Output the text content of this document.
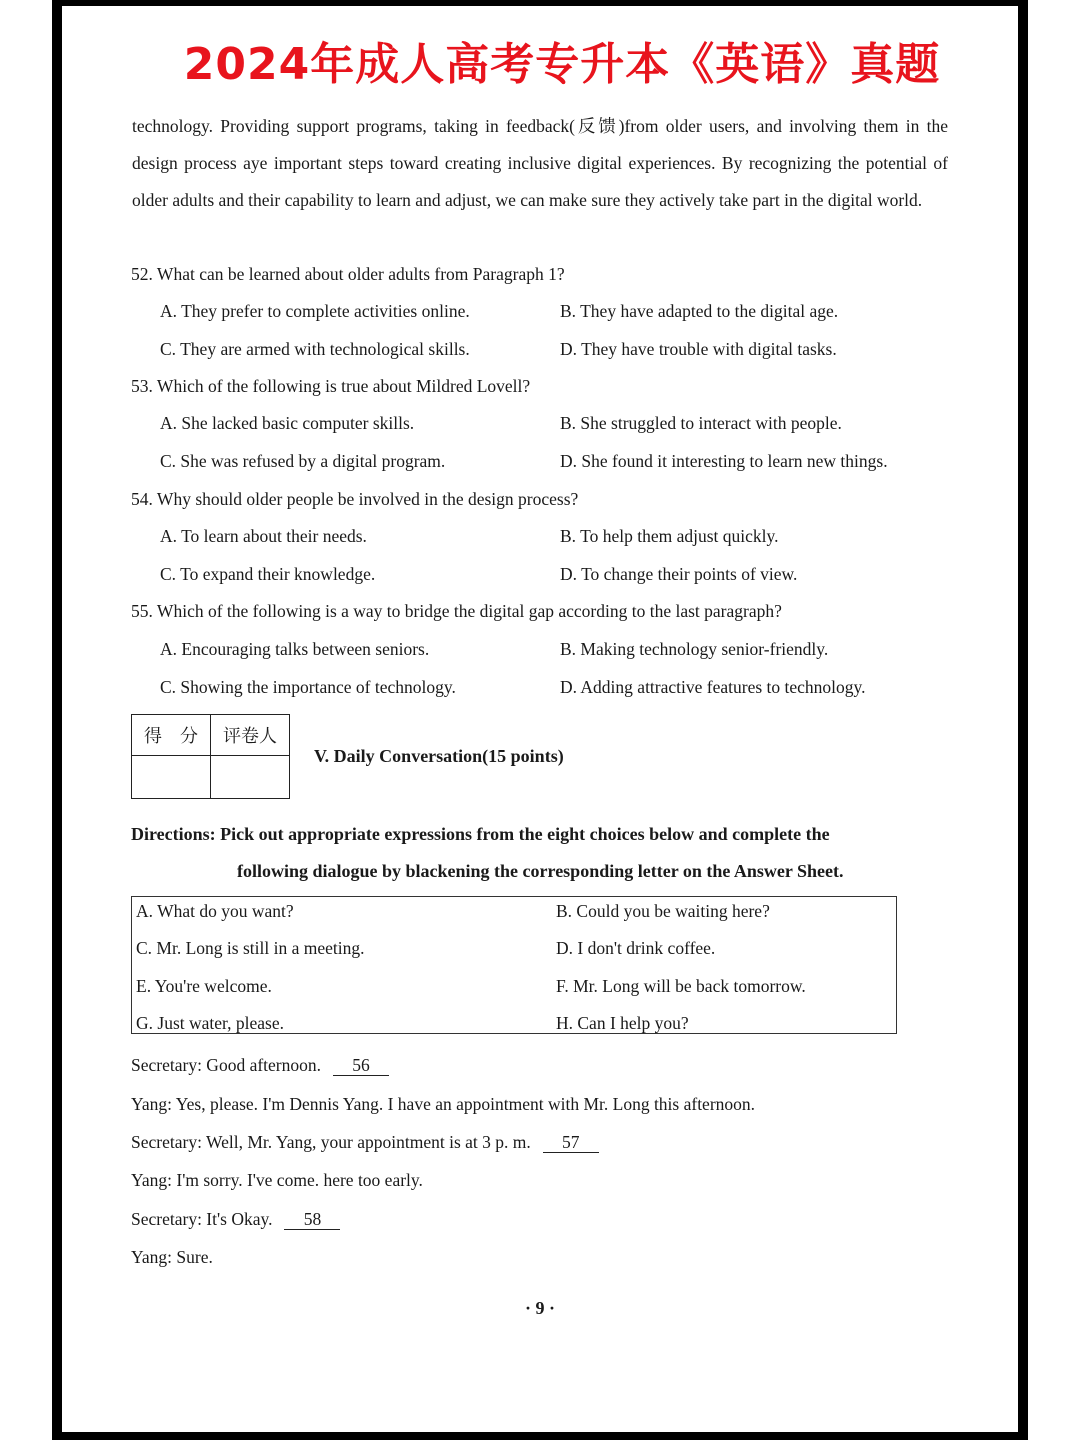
2024年成人高考专升本《英语》真题
technology. Providing support programs, taking in feedback(反馈)from older users, and involving them in the design process aye important steps toward creating inclusive digital experiences. By recognizing the potential of older adults and their capability to learn and adjust, we can make sure they actively take part in the digital world.
52. What can be learned about older adults from Paragraph 1?
A. They prefer to complete activities online.	B. They have adapted to the digital age.
C. They are armed with technological skills.	D. They have trouble with digital tasks.
53. Which of the following is true about Mildred Lovell?
A. She lacked basic computer skills.	B. She struggled to interact with people.
C. She was refused by a digital program.	D. She found it interesting to learn new things.
54. Why should older people be involved in the design process?
A. To learn about their needs.	B. To help them adjust quickly.
C. To expand their knowledge.	D. To change their points of view.
55. Which of the following is a way to bridge the digital gap according to the last paragraph?
A. Encouraging talks between seniors.	B. Making technology senior-friendly.
C. Showing the importance of technology.	D. Adding attractive features to technology.
得　分	评卷人

V. Daily Conversation(15 points)
Directions: Pick out appropriate expressions from the eight choices below and complete the
following dialogue by blackening the corresponding letter on the Answer Sheet.
A. What do you want?	B. Could you be waiting here?
C. Mr. Long is still in a meeting.	D. I don't drink coffee.
E. You're welcome.	F. Mr. Long will be back tomorrow.
G. Just water, please.	H. Can I help you?
Secretary: Good afternoon. 56
Yang: Yes, please. I'm Dennis Yang. I have an appointment with Mr. Long this afternoon.
Secretary: Well, Mr. Yang, your appointment is at 3 p. m. 57
Yang: I'm sorry. I've come. here too early.
Secretary: It's Okay. 58
Yang: Sure.
· 9 ·
